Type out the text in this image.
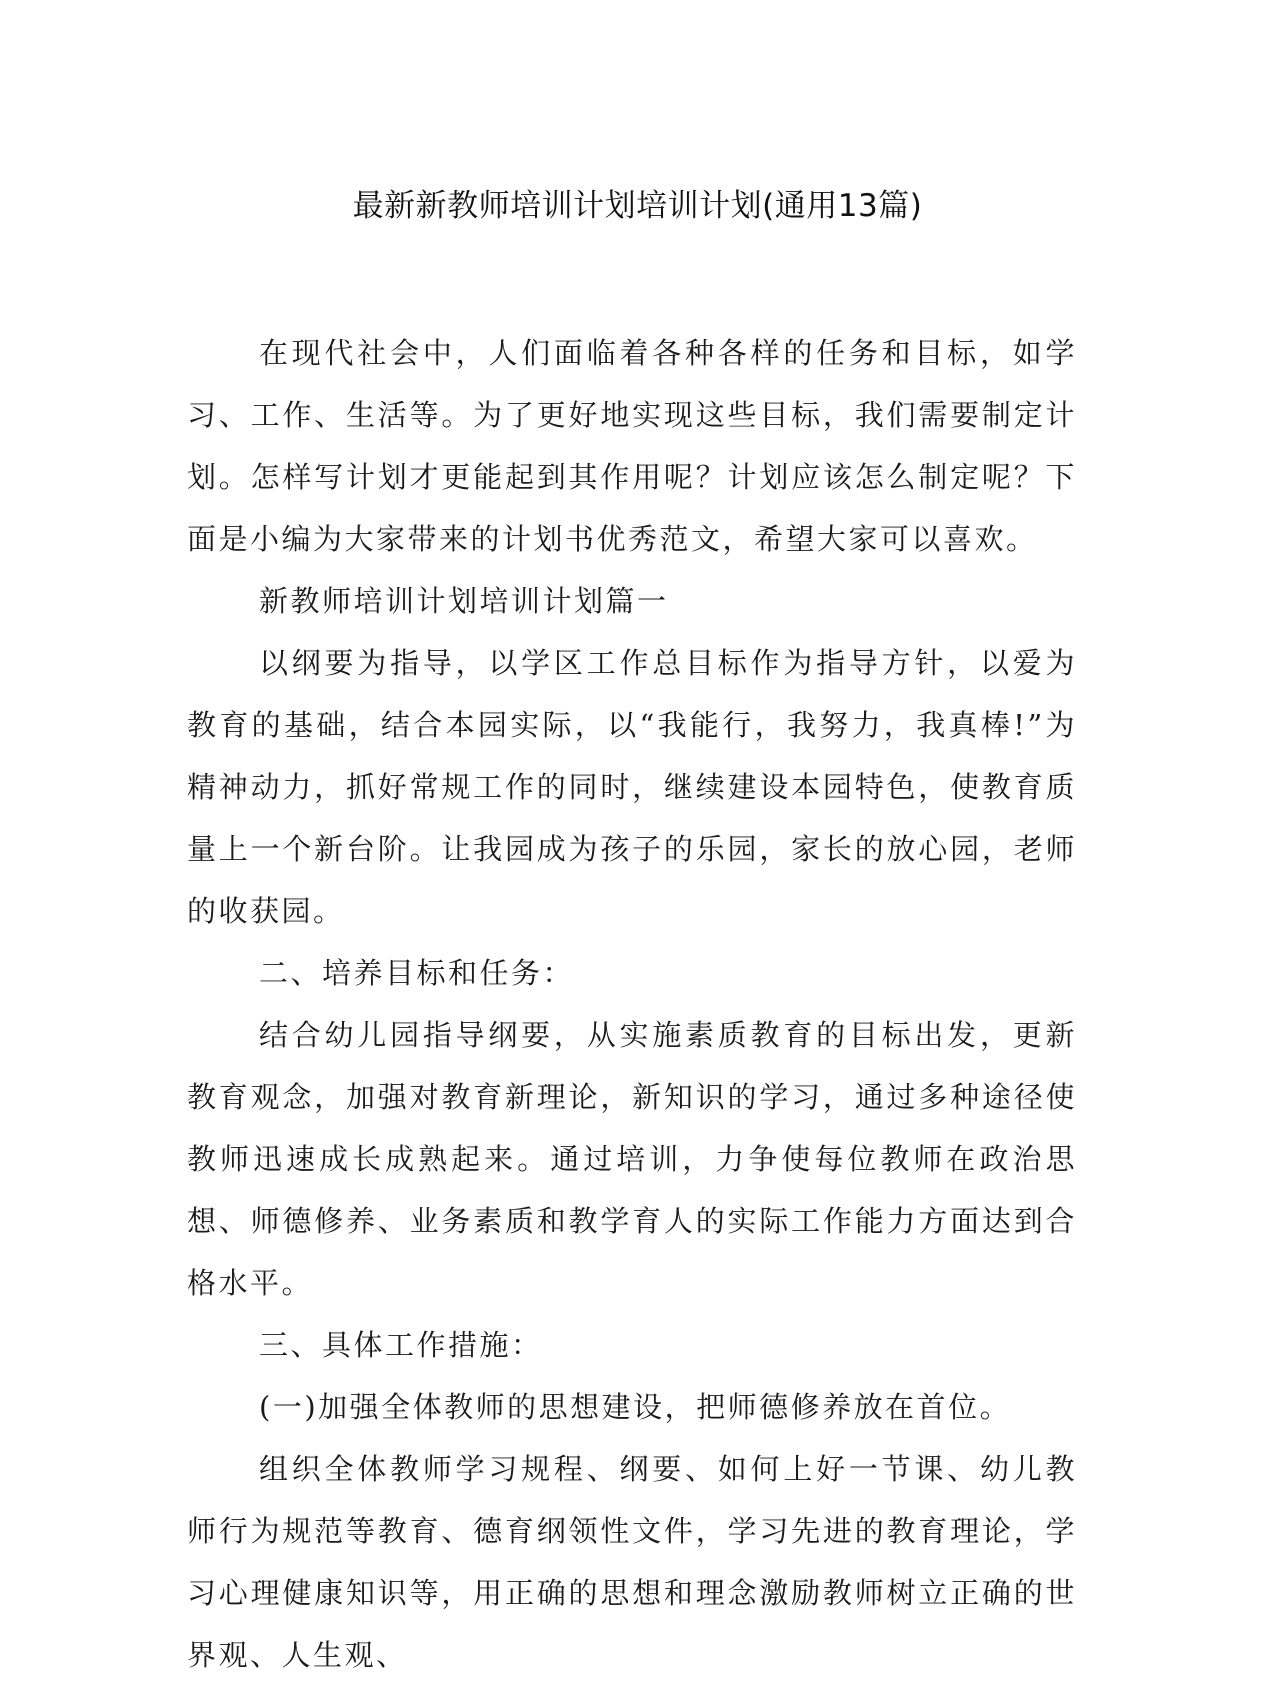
最新新教师培训计划培训计划(通用13篇)

在现代社会中，人们面临着各种各样的任务和目标，如学习、工作、生活等。为了更好地实现这些目标，我们需要制定计划。怎样写计划才更能起到其作用呢？计划应该怎么制定呢？下面是小编为大家带来的计划书优秀范文，希望大家可以喜欢。

新教师培训计划培训计划篇一

以纲要为指导，以学区工作总目标作为指导方针，以爱为教育的基础，结合本园实际，以“我能行，我努力，我真棒!”为精神动力，抓好常规工作的同时，继续建设本园特色，使教育质量上一个新台阶。让我园成为孩子的乐园，家长的放心园，老师的收获园。

二、培养目标和任务：

结合幼儿园指导纲要，从实施素质教育的目标出发，更新教育观念，加强对教育新理论，新知识的学习，通过多种途径使教师迅速成长成熟起来。通过培训，力争使每位教师在政治思想、师德修养、业务素质和教学育人的实际工作能力方面达到合格水平。

三、具体工作措施：

(一)加强全体教师的思想建设，把师德修养放在首位。

组织全体教师学习规程、纲要、如何上好一节课、幼儿教师行为规范等教育、德育纲领性文件，学习先进的教育理论，学习心理健康知识等，用正确的思想和理念激励教师树立正确的世界观、人生观、
